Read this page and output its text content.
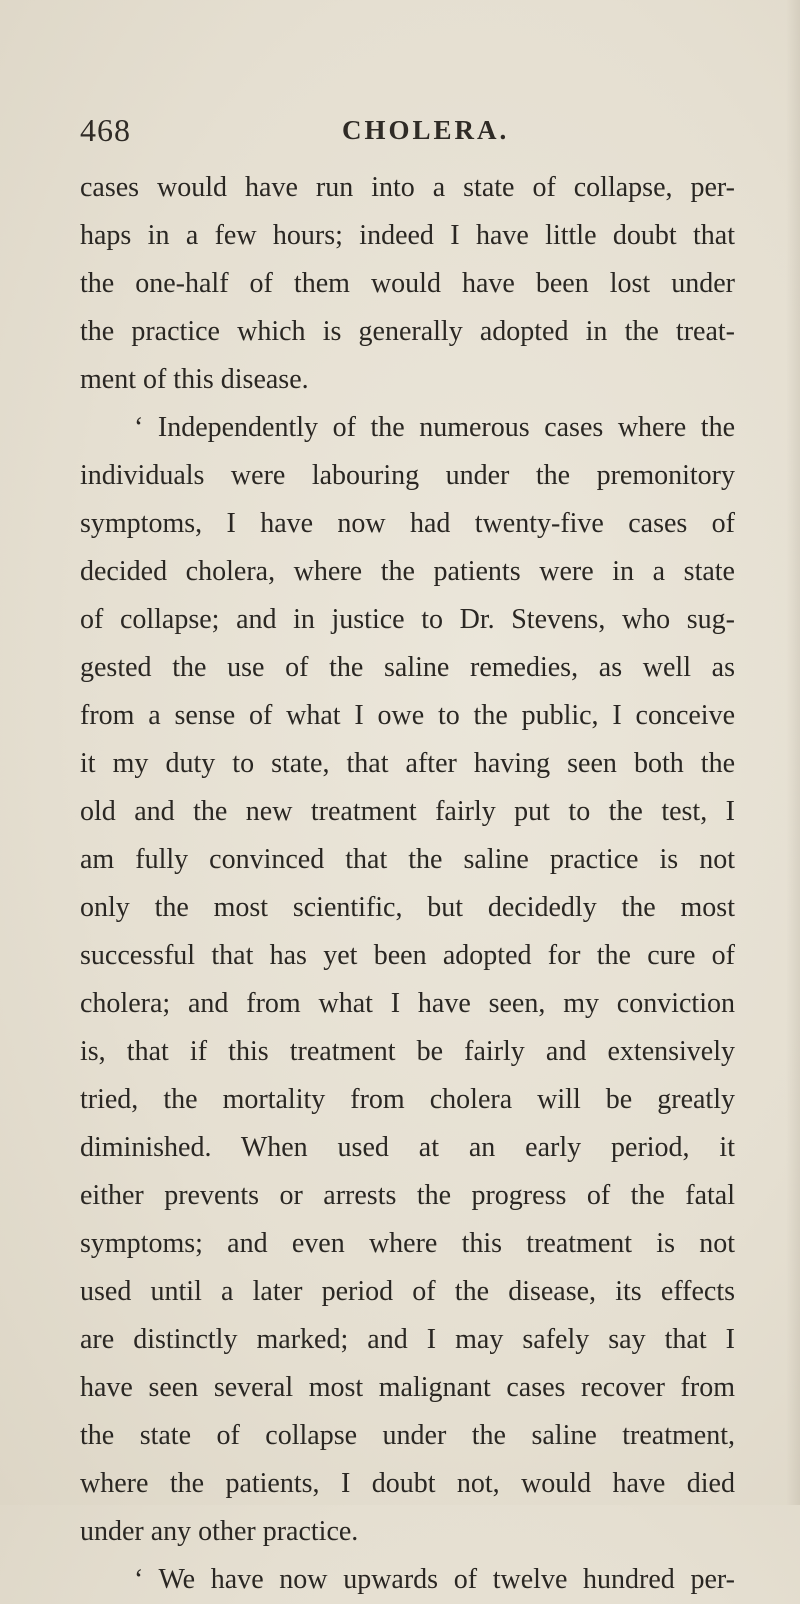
468	CHOLERA.
cases would have run into a state of collapse, per-
haps in a few hours; indeed I have little doubt that
the one-half of them would have been lost under
the practice which is generally adopted in the treat-
ment of this disease.
‘ Independently of the numerous cases where the
individuals were labouring under the premonitory
symptoms, I have now had twenty-five cases of
decided cholera, where the patients were in a state
of collapse; and in justice to Dr. Stevens, who sug-
gested the use of the saline remedies, as well as
from a sense of what I owe to the public, I conceive
it my duty to state, that after having seen both the
old and the new treatment fairly put to the test, I
am fully convinced that the saline practice is not
only the most scientific, but decidedly the most
successful that has yet been adopted for the cure of
cholera; and from what I have seen, my conviction
is, that if this treatment be fairly and extensively
tried, the mortality from cholera will be greatly
diminished. When used at an early period, it
either prevents or arrests the progress of the fatal
symptoms; and even where this treatment is not
used until a later period of the disease, its effects
are distinctly marked; and I may safely say that I
have seen several most malignant cases recover from
the state of collapse under the saline treatment,
where the patients, I doubt not, would have died
under any other practice.
‘ We have now upwards of twelve hundred per-
